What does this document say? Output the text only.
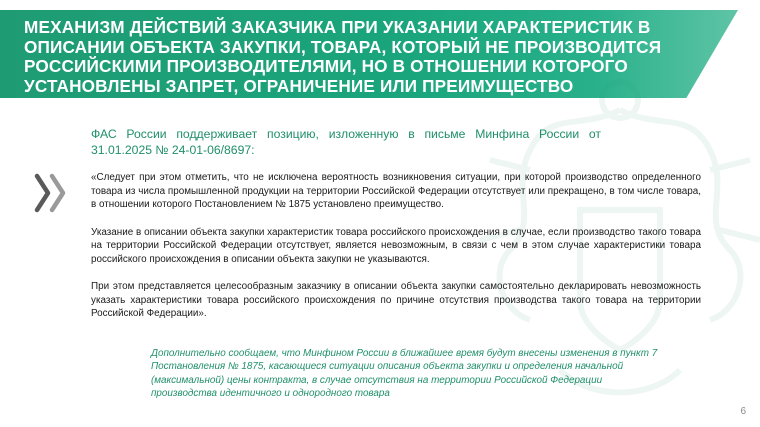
МЕХАНИЗМ ДЕЙСТВИЙ ЗАКАЗЧИКА ПРИ УКАЗАНИИ ХАРАКТЕРИСТИК В ОПИСАНИИ ОБЪЕКТА ЗАКУПКИ, ТОВАРА, КОТОРЫЙ НЕ ПРОИЗВОДИТСЯ РОССИЙСКИМИ ПРОИЗВОДИТЕЛЯМИ, НО В ОТНОШЕНИИ КОТОРОГО УСТАНОВЛЕНЫ ЗАПРЕТ, ОГРАНИЧЕНИЕ ИЛИ ПРЕИМУЩЕСТВО
ФАС России поддерживает позицию, изложенную в письме Минфина России от 31.01.2025 № 24-01-06/8697:

«Следует при этом отметить, что не исключена вероятность возникновения ситуации, при которой производство определенного товара из числа промышленной продукции на территории Российской Федерации отсутствует или прекращено, в том числе товара, в отношении которого Постановлением № 1875 установлено преимущество.

Указание в описании объекта закупки характеристик товара российского происхождения в случае, если производство такого товара на территории Российской Федерации отсутствует, является невозможным, в связи с чем в этом случае характеристики товара российского происхождения в описании объекта закупки не указываются.

При этом представляется целесообразным заказчику в описании объекта закупки самостоятельно декларировать невозможность указать характеристики товара российского происхождения по причине отсутствия производства такого товара на территории Российской Федерации».

Дополнительно сообщаем, что Минфином России в ближайшее время будут внесены изменения в пункт 7 Постановления № 1875, касающиеся ситуации описания объекта закупки и определения начальной (максимальной) цены контракта, в случае отсутствия на территории Российской Федерации производства идентичного и однородного товара
6
